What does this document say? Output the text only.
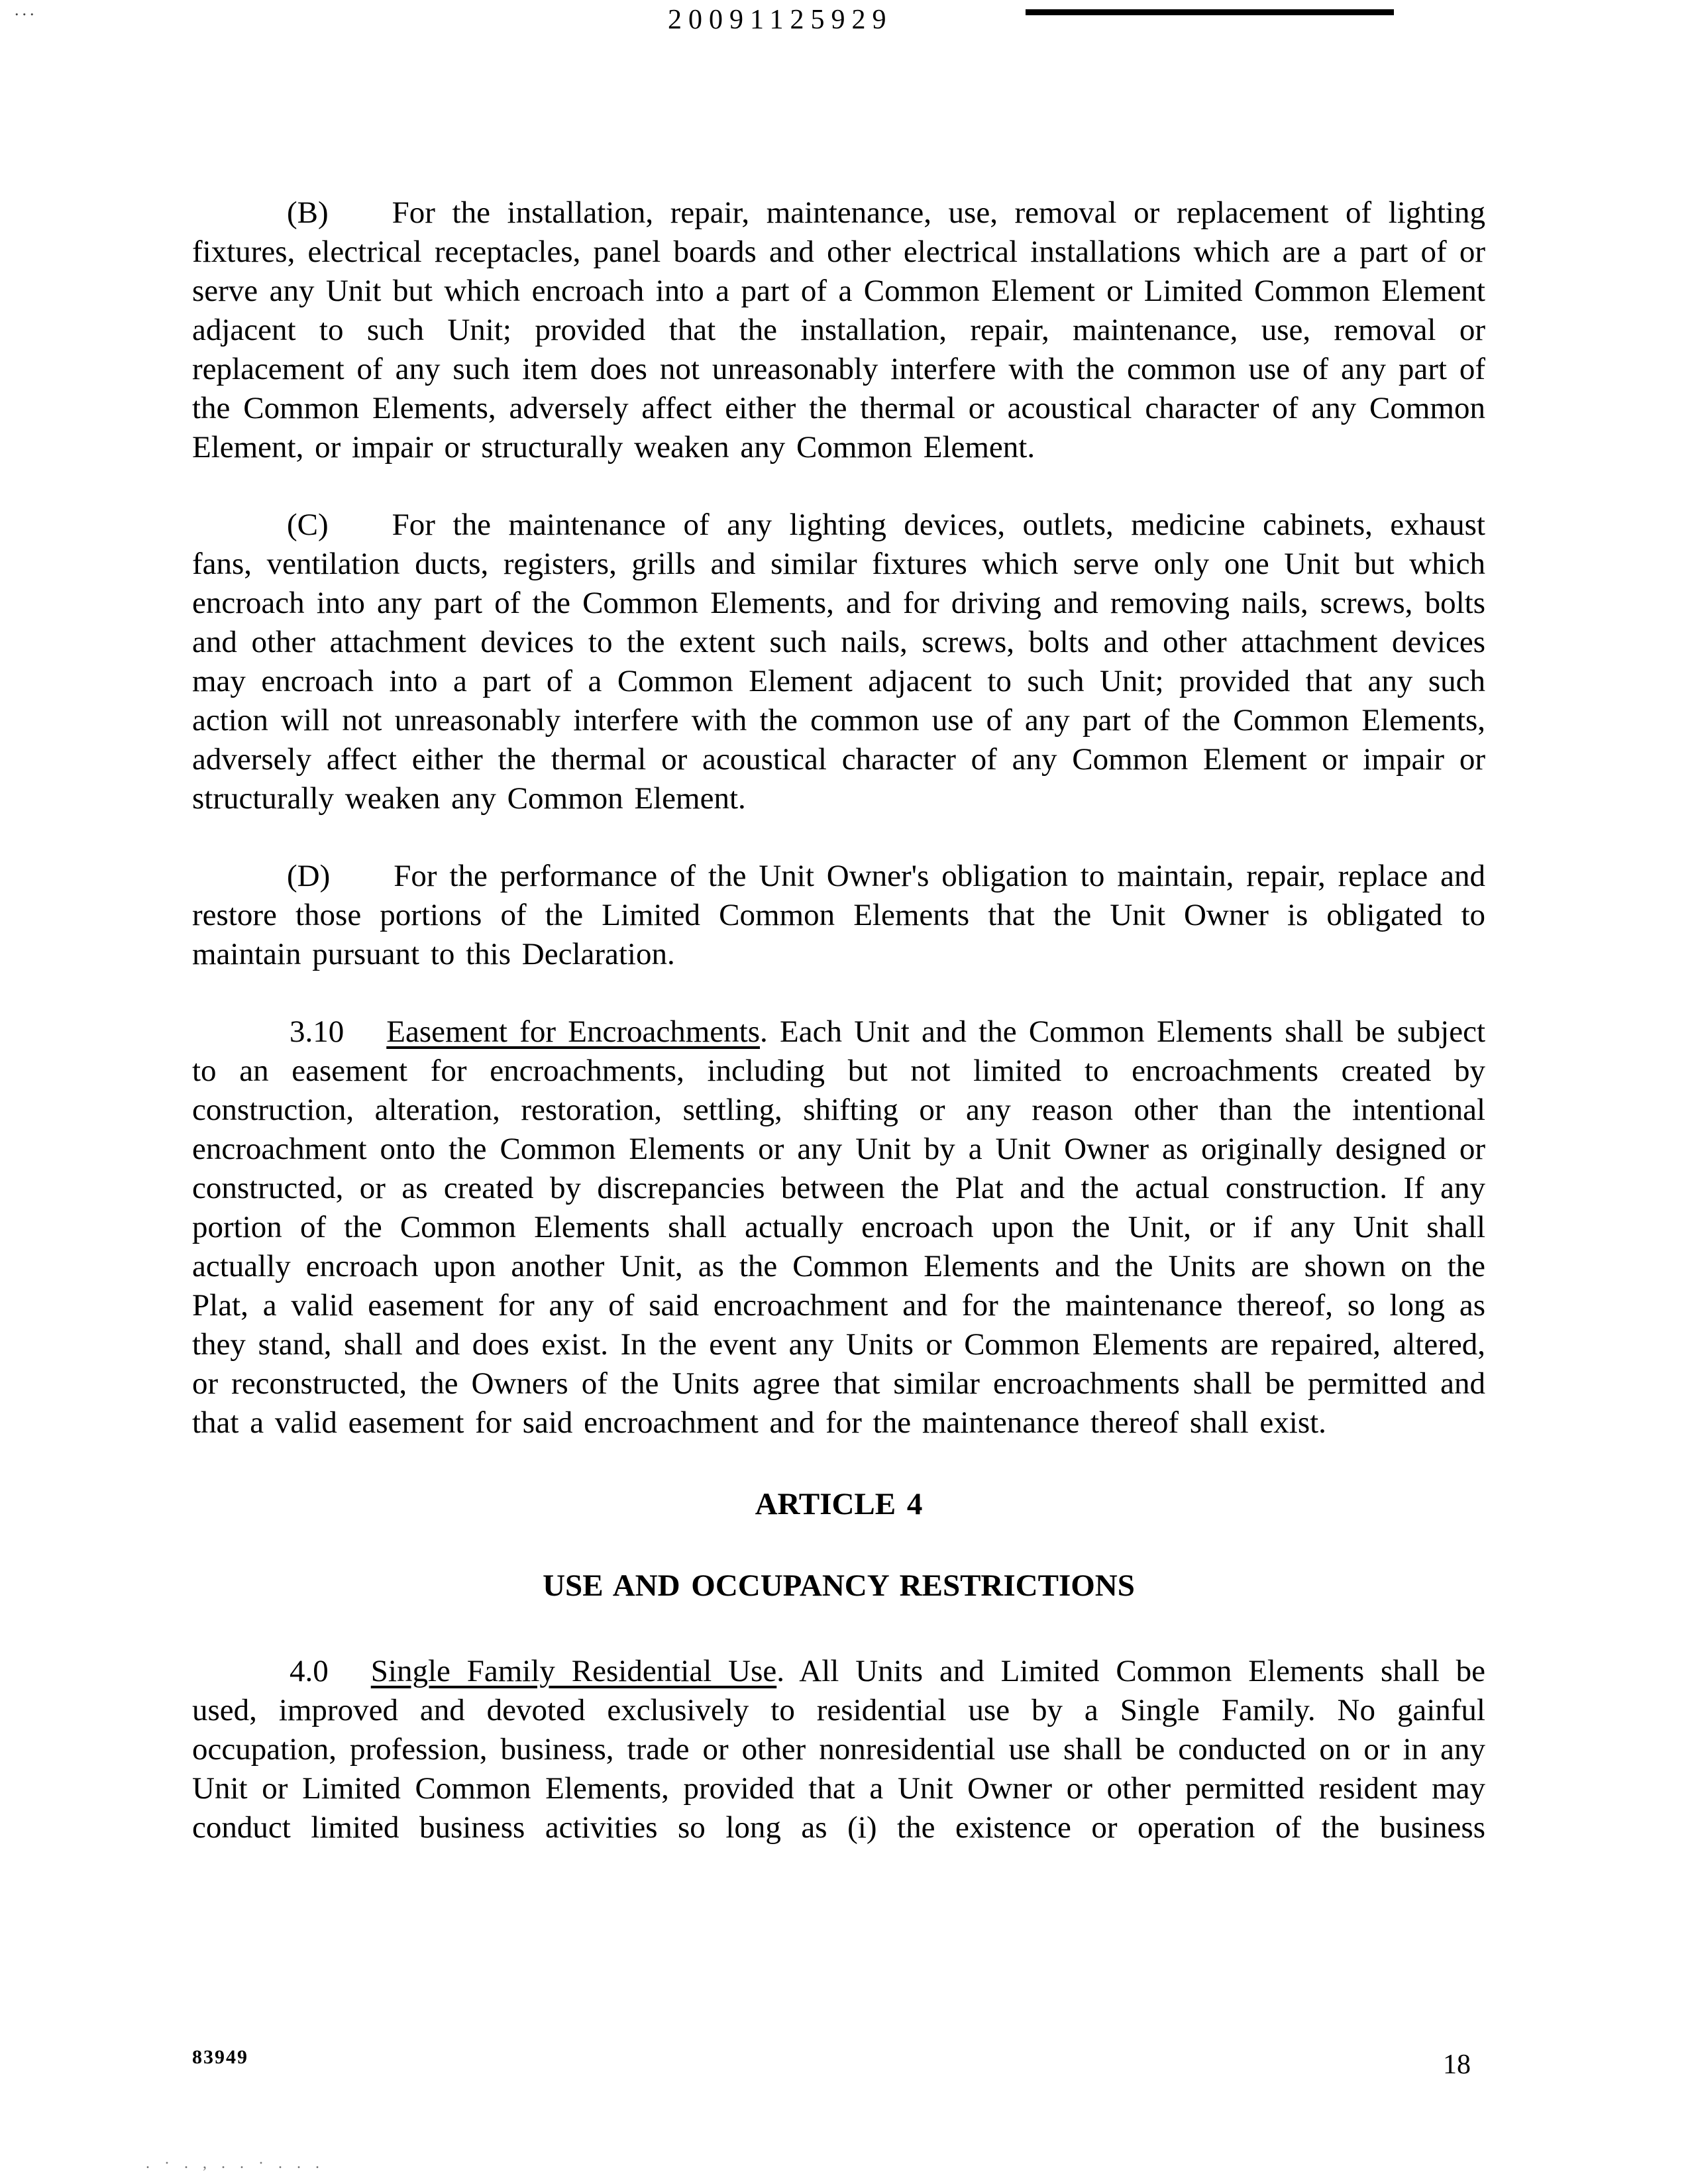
...	20091125929

(B) For the installation, repair, maintenance, use, removal or replacement of lighting fixtures, electrical receptacles, panel boards and other electrical installations which are a part of or serve any Unit but which encroach into a part of a Common Element or Limited Common Element adjacent to such Unit; provided that the installation, repair, maintenance, use, removal or replacement of any such item does not unreasonably interfere with the common use of any part of the Common Elements, adversely affect either the thermal or acoustical character of any Common Element, or impair or structurally weaken any Common Element.

(C) For the maintenance of any lighting devices, outlets, medicine cabinets, exhaust fans, ventilation ducts, registers, grills and similar fixtures which serve only one Unit but which encroach into any part of the Common Elements, and for driving and removing nails, screws, bolts and other attachment devices to the extent such nails, screws, bolts and other attachment devices may encroach into a part of a Common Element adjacent to such Unit; provided that any such action will not unreasonably interfere with the common use of any part of the Common Elements, adversely affect either the thermal or acoustical character of any Common Element or impair or structurally weaken any Common Element.

(D) For the performance of the Unit Owner's obligation to maintain, repair, replace and restore those portions of the Limited Common Elements that the Unit Owner is obligated to maintain pursuant to this Declaration.

3.10 Easement for Encroachments. Each Unit and the Common Elements shall be subject to an easement for encroachments, including but not limited to encroachments created by construction, alteration, restoration, settling, shifting or any reason other than the intentional encroachment onto the Common Elements or any Unit by a Unit Owner as originally designed or constructed, or as created by discrepancies between the Plat and the actual construction. If any portion of the Common Elements shall actually encroach upon the Unit, or if any Unit shall actually encroach upon another Unit, as the Common Elements and the Units are shown on the Plat, a valid easement for any of said encroachment and for the maintenance thereof, so long as they stand, shall and does exist. In the event any Units or Common Elements are repaired, altered, or reconstructed, the Owners of the Units agree that similar encroachments shall be permitted and that a valid easement for said encroachment and for the maintenance thereof shall exist.

ARTICLE 4
USE AND OCCUPANCY RESTRICTIONS

4.0 Single Family Residential Use. All Units and Limited Common Elements shall be used, improved and devoted exclusively to residential use by a Single Family. No gainful occupation, profession, business, trade or other nonresidential use shall be conducted on or in any Unit or Limited Common Elements, provided that a Unit Owner or other permitted resident may conduct limited business activities so long as (i) the existence or operation of the business

83949	18
. · . , . . · . . .
